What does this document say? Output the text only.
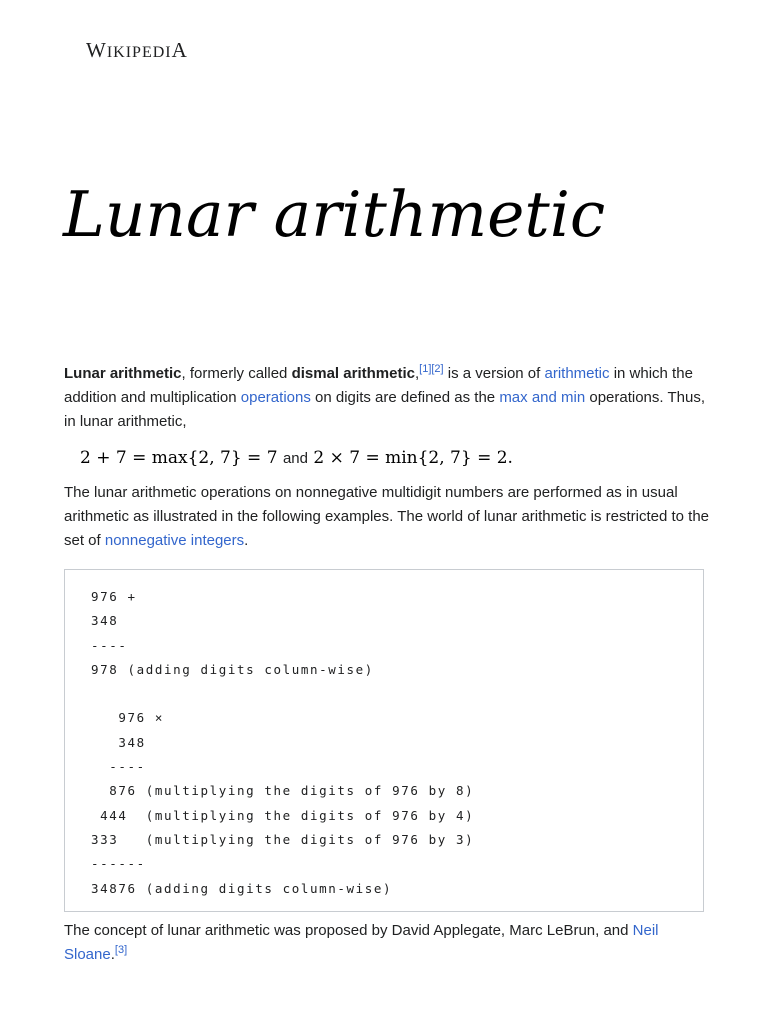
WIKIPEDIA
Lunar arithmetic

Lunar arithmetic, formerly called dismal arithmetic,[1][2] is a version of arithmetic in which the addition and multiplication operations on digits are defined as the max and min operations. Thus, in lunar arithmetic,

2 + 7 = max{2, 7} = 7 and 2 × 7 = min{2, 7} = 2.

The lunar arithmetic operations on nonnegative multidigit numbers are performed as in usual arithmetic as illustrated in the following examples. The world of lunar arithmetic is restricted to the set of nonnegative integers.

976 +
348
----
978 (adding digits column-wise)

976 ×
348
----
876 (multiplying the digits of 976 by 8)
444  (multiplying the digits of 976 by 4)
333   (multiplying the digits of 976 by 3)
------
34876 (adding digits column-wise)

The concept of lunar arithmetic was proposed by David Applegate, Marc LeBrun, and Neil Sloane.[3]
